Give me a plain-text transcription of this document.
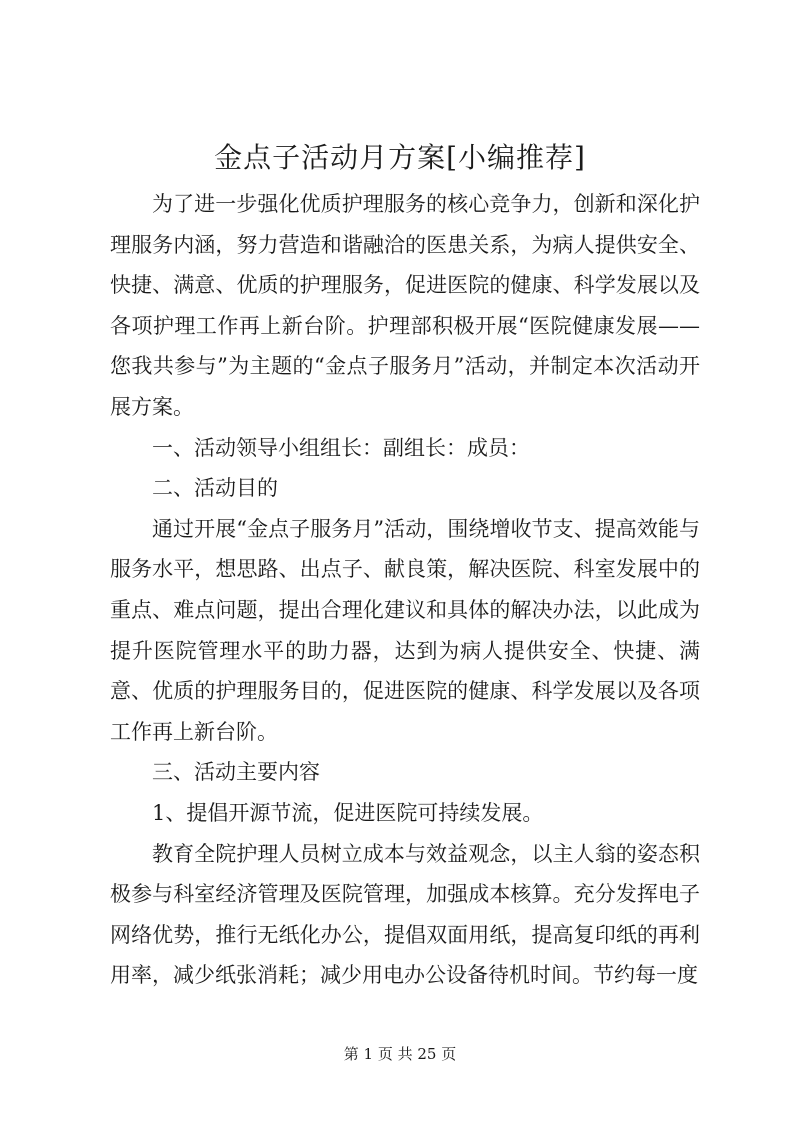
金点子活动月方案[小编推荐]

为了进一步强化优质护理服务的核心竞争力，创新和深化护理服务内涵，努力营造和谐融洽的医患关系，为病人提供安全、快捷、满意、优质的护理服务，促进医院的健康、科学发展以及各项护理工作再上新台阶。护理部积极开展“医院健康发展——您我共参与”为主题的“金点子服务月”活动，并制定本次活动开展方案。

一、活动领导小组组长：副组长：成员：

二、活动目的

通过开展“金点子服务月”活动，围绕增收节支、提高效能与服务水平，想思路、出点子、献良策，解决医院、科室发展中的重点、难点问题，提出合理化建议和具体的解决办法，以此成为提升医院管理水平的助力器，达到为病人提供安全、快捷、满意、优质的护理服务目的，促进医院的健康、科学发展以及各项工作再上新台阶。

三、活动主要内容

1、提倡开源节流，促进医院可持续发展。

教育全院护理人员树立成本与效益观念，以主人翁的姿态积极参与科室经济管理及医院管理，加强成本核算。充分发挥电子网络优势，推行无纸化办公，提倡双面用纸，提高复印纸的再利用率，减少纸张消耗；减少用电办公设备待机时间。节约每一度

第 1 页 共 25 页
